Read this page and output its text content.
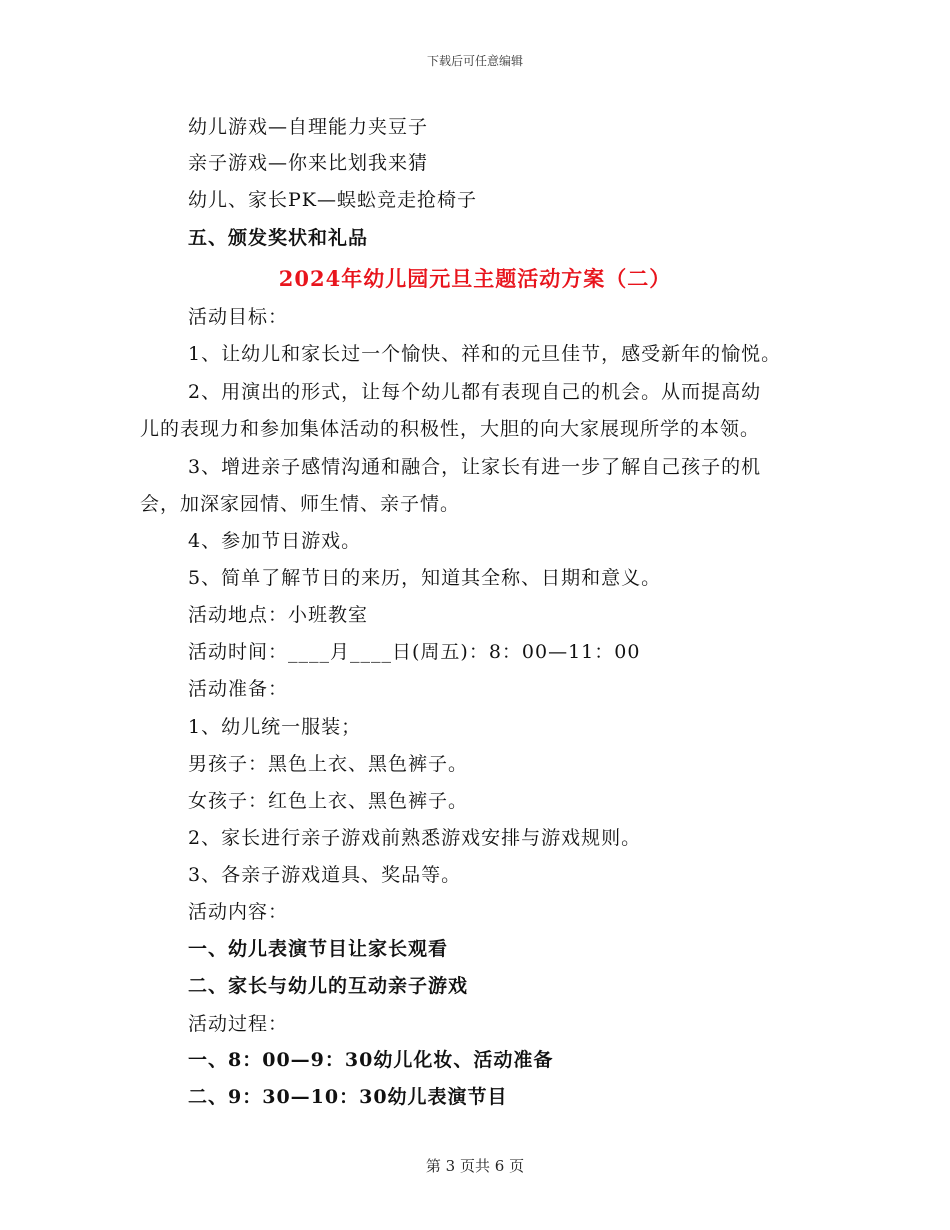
下载后可任意编辑
幼儿游戏—自理能力夹豆子
亲子游戏—你来比划我来猜
幼儿、家长PK—蜈蚣竞走抢椅子
五、颁发奖状和礼品
2024年幼儿园元旦主题活动方案（二）
活动目标：
1、让幼儿和家长过一个愉快、祥和的元旦佳节，感受新年的愉悦。
2、用演出的形式，让每个幼儿都有表现自己的机会。从而提高幼
儿的表现力和参加集体活动的积极性，大胆的向大家展现所学的本领。
3、增进亲子感情沟通和融合，让家长有进一步了解自己孩子的机
会，加深家园情、师生情、亲子情。
4、参加节日游戏。
5、简单了解节日的来历，知道其全称、日期和意义。
活动地点：小班教室
活动时间：____月____日(周五)：8：00—11：00
活动准备：
1、幼儿统一服装；
男孩子：黑色上衣、黑色裤子。
女孩子：红色上衣、黑色裤子。
2、家长进行亲子游戏前熟悉游戏安排与游戏规则。
3、各亲子游戏道具、奖品等。
活动内容：
一、幼儿表演节目让家长观看
二、家长与幼儿的互动亲子游戏
活动过程：
一、8：00—9：30幼儿化妆、活动准备
二、9：30—10：30幼儿表演节目
第 3 页共 6 页
